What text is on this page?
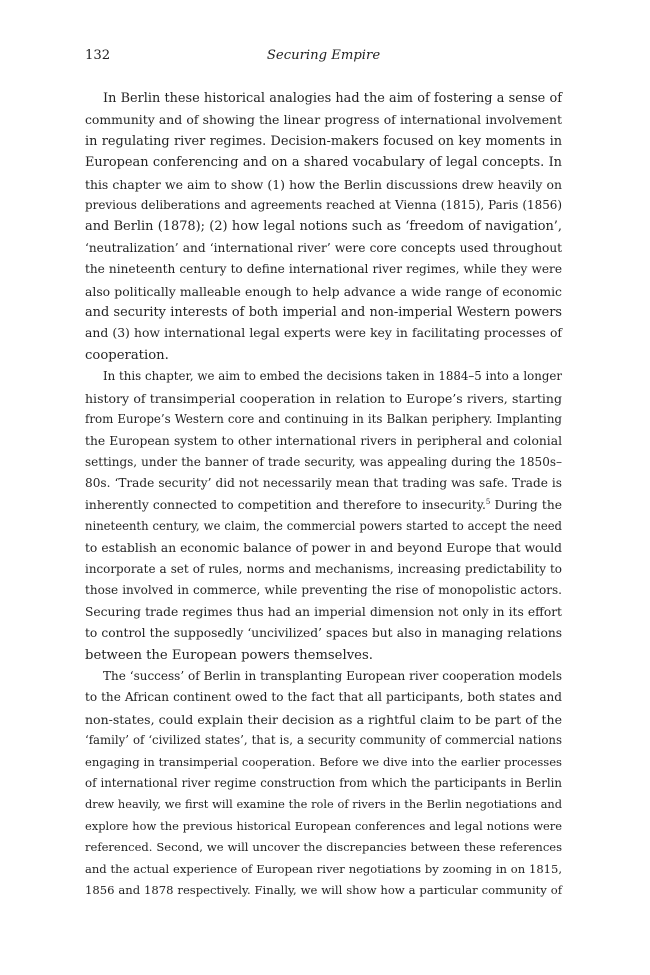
132	Securing Empire
In Berlin these historical analogies had the aim of fostering a sense of
community and of showing the linear progress of international involvement
in regulating river regimes. Decision-makers focused on key moments in
European conferencing and on a shared vocabulary of legal concepts. In
this chapter we aim to show (1) how the Berlin discussions drew heavily on
previous deliberations and agreements reached at Vienna (1815), Paris (1856)
and Berlin (1878); (2) how legal notions such as ‘freedom of navigation’,
‘neutralization’ and ‘international river’ were core concepts used throughout
the nineteenth century to define international river regimes, while they were
also politically malleable enough to help advance a wide range of economic
and security interests of both imperial and non-imperial Western powers
and (3) how international legal experts were key in facilitating processes of
cooperation.
In this chapter, we aim to embed the decisions taken in 1884–5 into a longer
history of transimperial cooperation in relation to Europe’s rivers, starting
from Europe’s Western core and continuing in its Balkan periphery. Implanting
the European system to other international rivers in peripheral and colonial
settings, under the banner of trade security, was appealing during the 1850s–
80s. ‘Trade security’ did not necessarily mean that trading was safe. Trade is
inherently connected to competition and therefore to insecurity.$^5$ During the
nineteenth century, we claim, the commercial powers started to accept the need
to establish an economic balance of power in and beyond Europe that would
incorporate a set of rules, norms and mechanisms, increasing predictability to
those involved in commerce, while preventing the rise of monopolistic actors.
Securing trade regimes thus had an imperial dimension not only in its effort
to control the supposedly ‘uncivilized’ spaces but also in managing relations
between the European powers themselves.
The ‘success’ of Berlin in transplanting European river cooperation models
to the African continent owed to the fact that all participants, both states and
non-states, could explain their decision as a rightful claim to be part of the
‘family’ of ‘civilized states’, that is, a security community of commercial nations
engaging in transimperial cooperation. Before we dive into the earlier processes
of international river regime construction from which the participants in Berlin
drew heavily, we first will examine the role of rivers in the Berlin negotiations and
explore how the previous historical European conferences and legal notions were
referenced. Second, we will uncover the discrepancies between these references
and the actual experience of European river negotiations by zooming in on 1815,
1856 and 1878 respectively. Finally, we will show how a particular community of
